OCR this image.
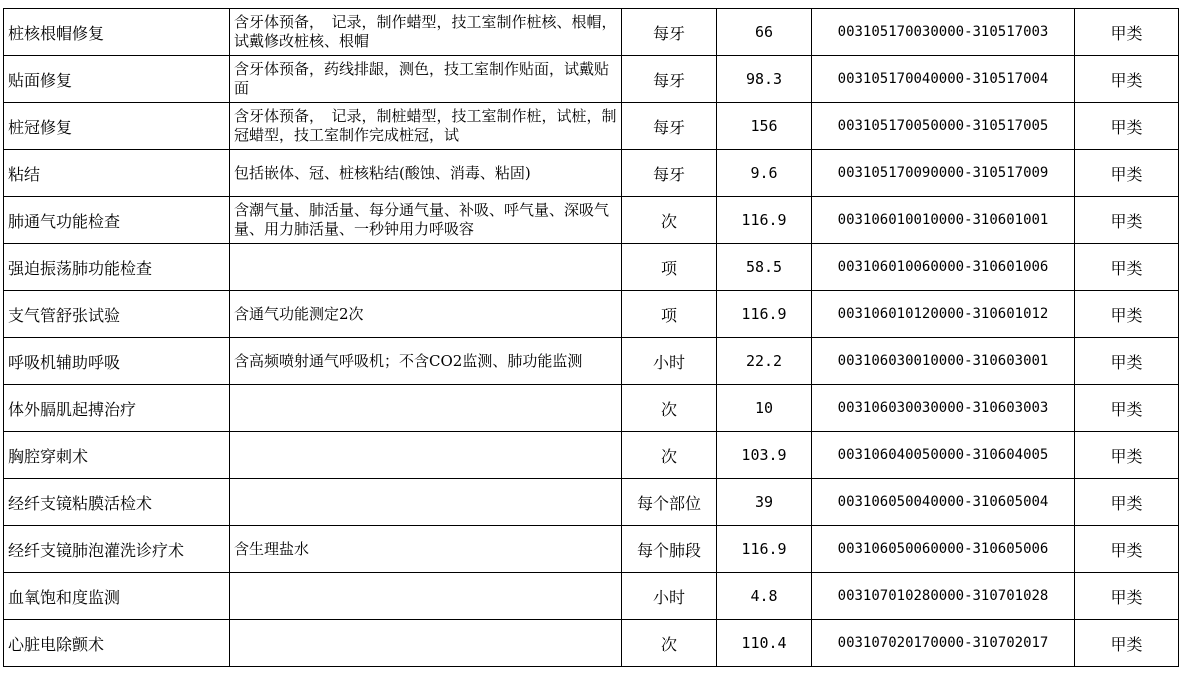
桩核根帽修复	含牙体预备，　记录，制作蜡型，技工室制作桩核、根帽，试戴修改桩核、根帽	每牙	66	003105170030000-310517003	甲类
贴面修复	含牙体预备，药线排龈，测色，技工室制作贴面，试戴贴面	每牙	98.3	003105170040000-310517004	甲类
桩冠修复	含牙体预备，　记录，制桩蜡型，技工室制作桩，试桩，制冠蜡型，技工室制作完成桩冠，试	每牙	156	003105170050000-310517005	甲类
粘结	包括嵌体、冠、桩核粘结(酸蚀、消毒、粘固)	每牙	9.6	003105170090000-310517009	甲类
肺通气功能检查	含潮气量、肺活量、每分通气量、补吸、呼气量、深吸气量、用力肺活量、一秒钟用力呼吸容	次	116.9	003106010010000-310601001	甲类
强迫振荡肺功能检查		项	58.5	003106010060000-310601006	甲类
支气管舒张试验	含通气功能测定2次	项	116.9	003106010120000-310601012	甲类
呼吸机辅助呼吸	含高频喷射通气呼吸机；不含CO2监测、肺功能监测	小时	22.2	003106030010000-310603001	甲类
体外膈肌起搏治疗		次	10	003106030030000-310603003	甲类
胸腔穿刺术		次	103.9	003106040050000-310604005	甲类
经纤支镜粘膜活检术		每个部位	39	003106050040000-310605004	甲类
经纤支镜肺泡灌洗诊疗术	含生理盐水	每个肺段	116.9	003106050060000-310605006	甲类
血氧饱和度监测		小时	4.8	003107010280000-310701028	甲类
心脏电除颤术		次	110.4	003107020170000-310702017	甲类
